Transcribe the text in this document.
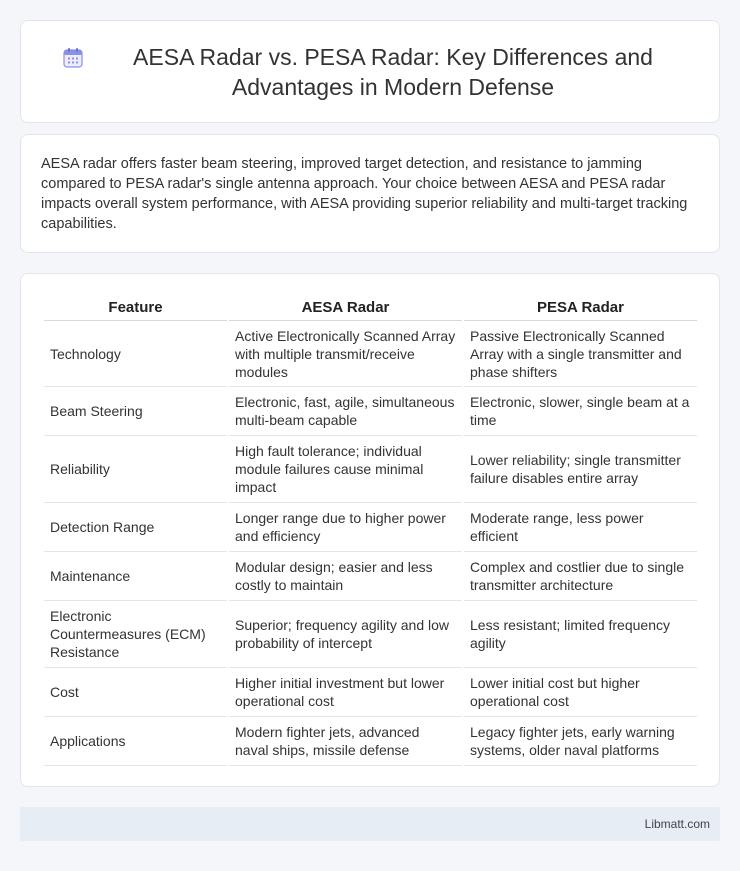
AESA Radar vs. PESA Radar: Key Differences and Advantages in Modern Defense

AESA radar offers faster beam steering, improved target detection, and resistance to jamming compared to PESA radar's single antenna approach. Your choice between AESA and PESA radar impacts overall system performance, with AESA providing superior reliability and multi-target tracking capabilities.

Feature	AESA Radar	PESA Radar
Technology	Active Electronically Scanned Array with multiple transmit/receive modules	Passive Electronically Scanned Array with a single transmitter and phase shifters
Beam Steering	Electronic, fast, agile, simultaneous multi-beam capable	Electronic, slower, single beam at a time
Reliability	High fault tolerance; individual module failures cause minimal impact	Lower reliability; single transmitter failure disables entire array
Detection Range	Longer range due to higher power and efficiency	Moderate range, less power efficient
Maintenance	Modular design; easier and less costly to maintain	Complex and costlier due to single transmitter architecture
Electronic Countermeasures (ECM) Resistance	Superior; frequency agility and low probability of intercept	Less resistant; limited frequency agility
Cost	Higher initial investment but lower operational cost	Lower initial cost but higher operational cost
Applications	Modern fighter jets, advanced naval ships, missile defense	Legacy fighter jets, early warning systems, older naval platforms
Libmatt.com
